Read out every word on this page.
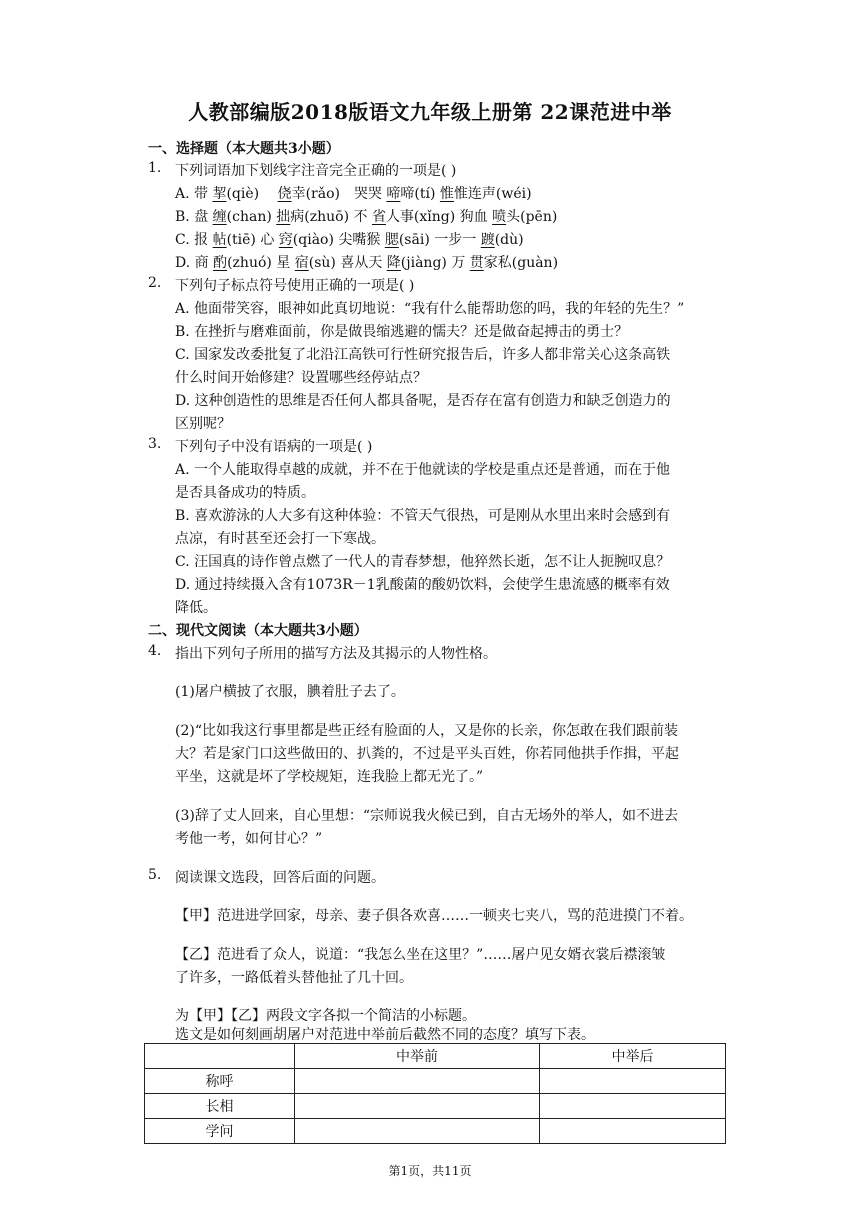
人教部编版2018版语文九年级上册第 22课范进中举
一、选择题（本大题共3小题）
1. 下列词语加下划线字注音完全正确的一项是( )
A. 带 挈(qiè)　 侥幸(rǎo)　哭哭 啼啼(tí) 惟惟连声(wéi)
B. 盘 缠(chan) 拙病(zhuō) 不 省人事(xǐng) 狗血 喷头(pēn)
C. 报 帖(tiē) 心 窍(qiào) 尖嘴猴 腮(sāi) 一步一 踱(dù)
D. 商 酌(zhuó) 星 宿(sù) 喜从天 降(jiàng) 万 贯家私(guàn)
2. 下列句子标点符号使用正确的一项是( )
A. 他面带笑容，眼神如此真切地说：“我有什么能帮助您的吗，我的年轻的先生？”
B. 在挫折与磨难面前，你是做畏缩逃避的懦夫？还是做奋起搏击的勇士？
C. 国家发改委批复了北沿江高铁可行性研究报告后，许多人都非常关心这条高铁
什么时间开始修建？设置哪些经停站点？
D. 这种创造性的思维是否任何人都具备呢，是否存在富有创造力和缺乏创造力的
区别呢？
3. 下列句子中没有语病的一项是( )
A. 一个人能取得卓越的成就，并不在于他就读的学校是重点还是普通，而在于他
是否具备成功的特质。
B. 喜欢游泳的人大多有这种体验：不管天气很热，可是刚从水里出来时会感到有
点凉，有时甚至还会打一下寒战。
C. 汪国真的诗作曾点燃了一代人的青春梦想，他猝然长逝，怎不让人扼腕叹息？
D. 通过持续摄入含有1073R－1乳酸菌的酸奶饮料，会使学生患流感的概率有效
降低。
二、现代文阅读（本大题共3小题）
4. 指出下列句子所用的描写方法及其揭示的人物性格。
(1)屠户横披了衣服，腆着肚子去了。
(2)“比如我这行事里都是些正经有脸面的人，又是你的长亲，你怎敢在我们跟前装
大？若是家门口这些做田的、扒粪的，不过是平头百姓，你若同他拱手作揖，平起
平坐，这就是坏了学校规矩，连我脸上都无光了。”
(3)辞了丈人回来，自心里想：“宗师说我火候已到，自古无场外的举人，如不进去
考他一考，如何甘心？”
5. 阅读课文选段，回答后面的问题。
【甲】范进进学回家，母亲、妻子俱各欢喜……一顿夹七夹八，骂的范进摸门不着。
【乙】范进看了众人，说道：“我怎么坐在这里？”……屠户见女婿衣裳后襟滚皱
了许多，一路低着头替他扯了几十回。
为【甲】【乙】两段文字各拟一个简洁的小标题。
选文是如何刻画胡屠户对范进中举前后截然不同的态度？填写下表。
	中举前	中举后
称呼		
长相		
学问		
第1页，共11页
